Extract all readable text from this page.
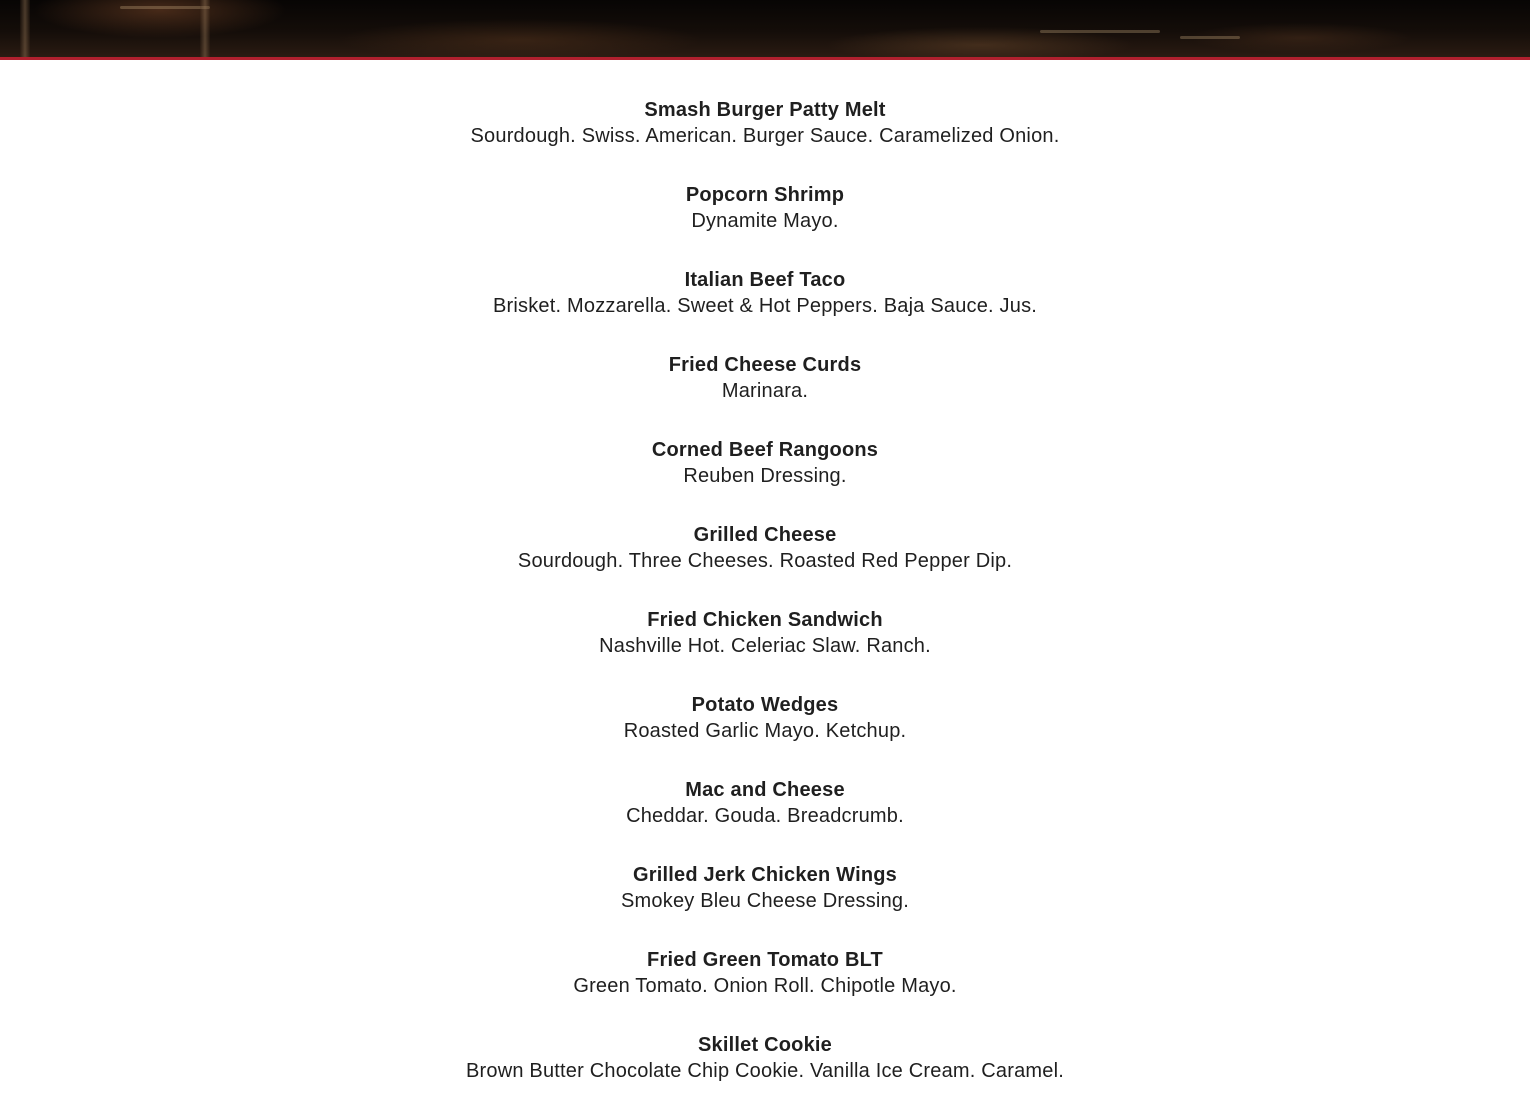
Smash Burger Patty Melt
Sourdough. Swiss. American. Burger Sauce. Caramelized Onion.
Popcorn Shrimp
Dynamite Mayo.
Italian Beef Taco
Brisket. Mozzarella. Sweet & Hot Peppers. Baja Sauce. Jus.
Fried Cheese Curds
Marinara.
Corned Beef Rangoons
Reuben Dressing.
Grilled Cheese
Sourdough. Three Cheeses. Roasted Red Pepper Dip.
Fried Chicken Sandwich
Nashville Hot. Celeriac Slaw. Ranch.
Potato Wedges
Roasted Garlic Mayo. Ketchup.
Mac and Cheese
Cheddar. Gouda. Breadcrumb.
Grilled Jerk Chicken Wings
Smokey Bleu Cheese Dressing.
Fried Green Tomato BLT
Green Tomato. Onion Roll. Chipotle Mayo.
Skillet Cookie
Brown Butter Chocolate Chip Cookie. Vanilla Ice Cream. Caramel.
